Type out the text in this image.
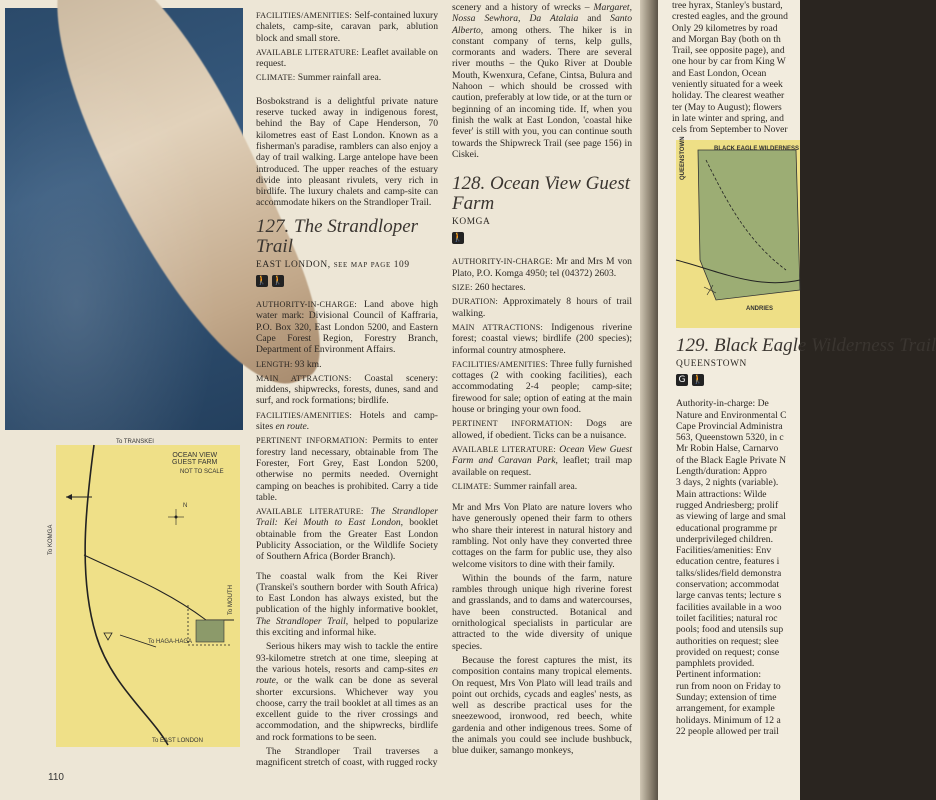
To TRANSKEI
OCEAN VIEW
GUEST FARM
NOT TO SCALE
To KOMGA
To MOUTH
To HAGA-HAGA
To EAST LONDON
N

FACILITIES/AMENITIES: Self-contained luxury chalets, camp-site, caravan park, ablution block and small store.

AVAILABLE LITERATURE: Leaflet available on request.

CLIMATE: Summer rainfall area.

Bosbokstrand is a delightful private nature reserve tucked away in indigenous forest, behind the Bay of Cape Henderson, 70 kilometres east of East London. Known as a fisherman's paradise, ramblers can also enjoy a day of trail walking. Large antelope have been introduced. The upper reaches of the estuary divide into pleasant rivulets, very rich in birdlife. The luxury chalets and camp-site can accommodate hikers on the Strandloper Trail.

127. The Strandloper Trail
EAST LONDON, see map page 109
🚶 🚶

AUTHORITY-IN-CHARGE: Land above high water mark: Divisional Council of Kaffraria, P.O. Box 320, East London 5200, and Eastern Cape Forest Region, Forestry Branch, Department of Environment Affairs.

LENGTH: 93 km.

MAIN ATTRACTIONS: Coastal scenery: middens, shipwrecks, forests, dunes, sand and surf, and rock formations; birdlife.

FACILITIES/AMENITIES: Hotels and camp-sites en route.

PERTINENT INFORMATION: Permits to enter forestry land necessary, obtainable from The Forester, Fort Grey, East London 5200, otherwise no permits needed. Overnight camping on beaches is prohibited. Carry a tide table.

AVAILABLE LITERATURE: The Strandloper Trail: Kei Mouth to East London, booklet obtainable from the Greater East London Publicity Association, or the Wildlife Society of Southern Africa (Border Branch).

The coastal walk from the Kei River (Transkei's southern border with South Africa) to East London has always existed, but the publication of the highly informative booklet, The Strandloper Trail, helped to popularize this exciting and informal hike.

Serious hikers may wish to tackle the entire 93-kilometre stretch at one time, sleeping at the various hotels, resorts and camp-sites en route, or the walk can be done as several shorter excursions. Whichever way you choose, carry the trail booklet at all times as an excellent guide to the river crossings and accommodation, and the shipwrecks, birdlife and rock formations to be seen.

The Strandloper Trail traverses a magnificent stretch of coast, with rugged rocky

scenery and a history of wrecks – Margaret, Nossa Sewhora, Da Atalaia and Santo Alberto, among others. The hiker is in constant company of terns, kelp gulls, cormorants and waders. There are several river mouths – the Quko River at Double Mouth, Kwenxura, Cefane, Cintsa, Bulura and Nahoon – which should be crossed with caution, preferably at low tide, or at the turn or beginning of an incoming tide. If, when you finish the walk at East London, 'coastal hike fever' is still with you, you can continue south towards the Shipwreck Trail (see page 156) in Ciskei.

128. Ocean View Guest Farm
KOMGA
🚶

AUTHORITY-IN-CHARGE: Mr and Mrs M von Plato, P.O. Komga 4950; tel (04372) 2603.

SIZE: 260 hectares.

DURATION: Approximately 8 hours of trail walking.

MAIN ATTRACTIONS: Indigenous riverine forest; coastal views; birdlife (200 species); informal country atmosphere.

FACILITIES/AMENITIES: Three fully furnished cottages (2 with cooking facilities), each accommodating 2-4 people; camp-site; firewood for sale; option of eating at the main house or bringing your own food.

PERTINENT INFORMATION: Dogs are allowed, if obedient. Ticks can be a nuisance.

AVAILABLE LITERATURE: Ocean View Guest Farm and Caravan Park, leaflet; trail map available on request.

CLIMATE: Summer rainfall area.

Mr and Mrs Von Plato are nature lovers who have generously opened their farm to others who share their interest in natural history and rambling. Not only have they converted three cottages on the farm for public use, they also welcome visitors to dine with their family.

Within the bounds of the farm, nature rambles through unique high riverine forest and grasslands, and to dams and watercourses, have been constructed. Botanical and ornithological specialists in particular are attracted to the wide diversity of unique species.

Because the forest captures the mist, its composition contains many tropical elements. On request, Mrs Von Plato will lead trails and point out orchids, cycads and eagles' nests, as well as describe practical uses for the sneezewood, ironwood, red beech, white gardenia and other indigenous trees. Some of the animals you could see include bushbuck, blue duiker, samango monkeys,

tree hyrax, Stanley's bustard,
crested eagles, and the ground
Only 29 kilometres by road
and Morgan Bay (both on th
Trail, see opposite page), and
one hour by car from King W
and East London, Ocean
veniently situated for a week
holiday. The clearest weather
ter (May to August); flowers
in late winter and spring, and
cels from September to Nover
BLACK EAGLE WILDERNESS
ANDRIES
QUEENSTOWN
129. Black Eagle Wilderness Trail
QUEENSTOWN
G 🚶
Authority-in-charge: De
Nature and Environmental C
Cape Provincial Administra
563, Queenstown 5320, in c
Mr Robin Halse, Carnarvo
of the Black Eagle Private N
Length/duration: Appro
3 days, 2 nights (variable).
Main attractions: Wilde
rugged Andriesberg; prolif
as viewing of large and smal
educational programme pr
underprivileged children.
Facilities/amenities: Env
education centre, features i
talks/slides/field demonstra
conservation; accommodat
large canvas tents; lecture s
facilities available in a woo
toilet facilities; natural roc
pools; food and utensils sup
authorities on request; slee
provided on request; conse
pamphlets provided.
Pertinent information:
run from noon on Friday to
Sunday; extension of time
arrangement, for example
holidays. Minimum of 12 a
22 people allowed per trail
110
